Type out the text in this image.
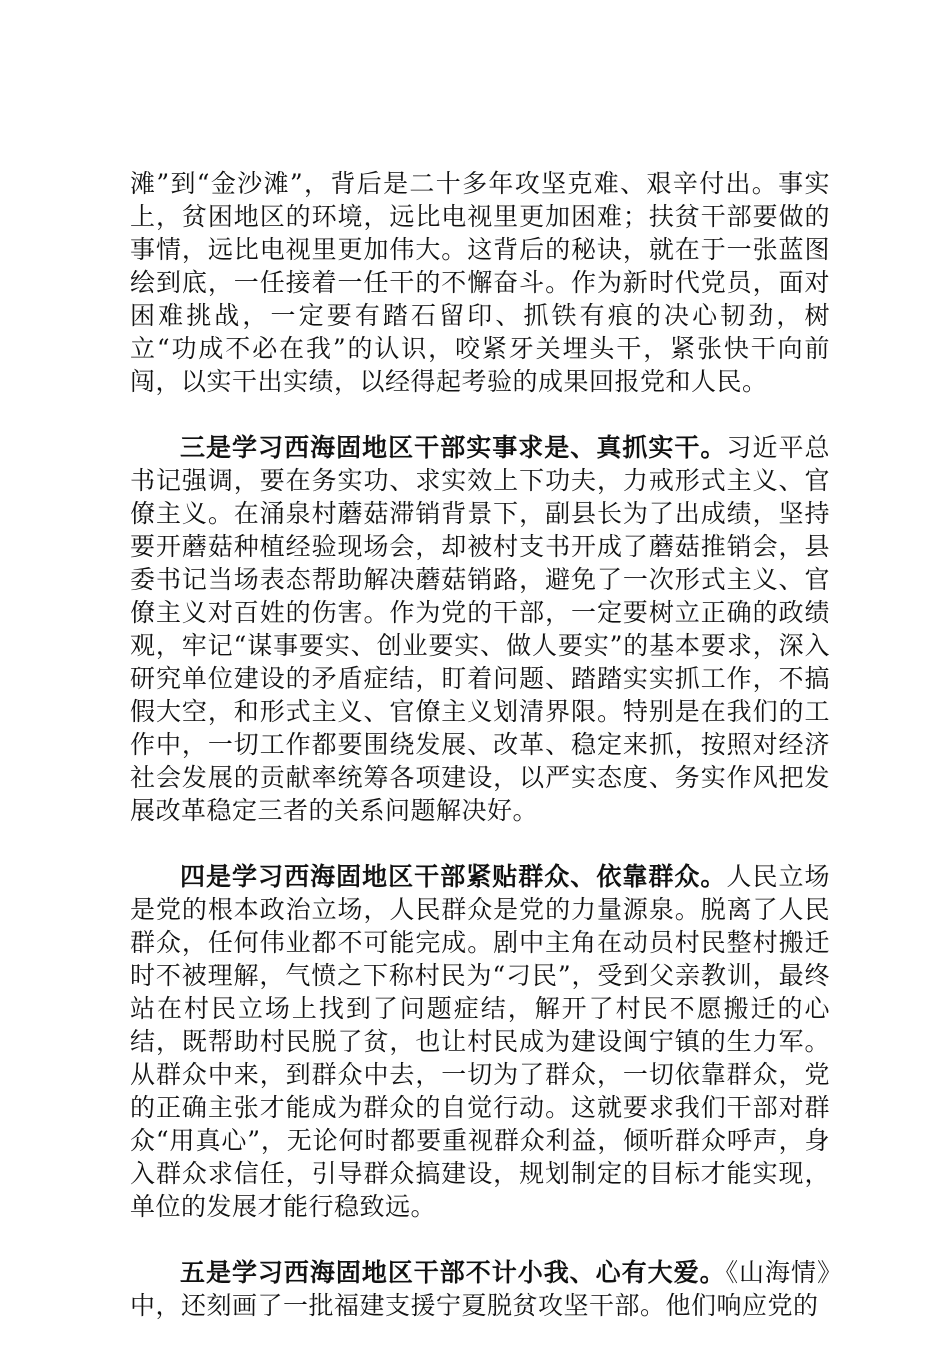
滩”到“金沙滩”，背后是二十多年攻坚克难、艰辛付出。事实上，贫困地区的环境，远比电视里更加困难；扶贫干部要做的事情，远比电视里更加伟大。这背后的秘诀，就在于一张蓝图绘到底，一任接着一任干的不懈奋斗。作为新时代党员，面对困难挑战，一定要有踏石留印、抓铁有痕的决心韧劲，树立“功成不必在我”的认识，咬紧牙关埋头干，紧张快干向前闯，以实干出实绩，以经得起考验的成果回报党和人民。

三是学习西海固地区干部实事求是、真抓实干。习近平总书记强调，要在务实功、求实效上下功夫，力戒形式主义、官僚主义。在涌泉村蘑菇滞销背景下，副县长为了出成绩，坚持要开蘑菇种植经验现场会，却被村支书开成了蘑菇推销会，县委书记当场表态帮助解决蘑菇销路，避免了一次形式主义、官僚主义对百姓的伤害。作为党的干部，一定要树立正确的政绩观，牢记“谋事要实、创业要实、做人要实”的基本要求，深入研究单位建设的矛盾症结，盯着问题、踏踏实实抓工作，不搞假大空，和形式主义、官僚主义划清界限。特别是在我们的工作中，一切工作都要围绕发展、改革、稳定来抓，按照对经济社会发展的贡献率统筹各项建设，以严实态度、务实作风把发展改革稳定三者的关系问题解决好。

四是学习西海固地区干部紧贴群众、依靠群众。人民立场是党的根本政治立场，人民群众是党的力量源泉。脱离了人民群众，任何伟业都不可能完成。剧中主角在动员村民整村搬迁时不被理解，气愤之下称村民为“刁民”，受到父亲教训，最终站在村民立场上找到了问题症结，解开了村民不愿搬迁的心结，既帮助村民脱了贫，也让村民成为建设闽宁镇的生力军。从群众中来，到群众中去，一切为了群众，一切依靠群众，党的正确主张才能成为群众的自觉行动。这就要求我们干部对群众“用真心”，无论何时都要重视群众利益，倾听群众呼声，身入群众求信任，引导群众搞建设，规划制定的目标才能实现，单位的发展才能行稳致远。

五是学习西海固地区干部不计小我、心有大爱。《山海情》中，还刻画了一批福建支援宁夏脱贫攻坚干部。他们响应党的
